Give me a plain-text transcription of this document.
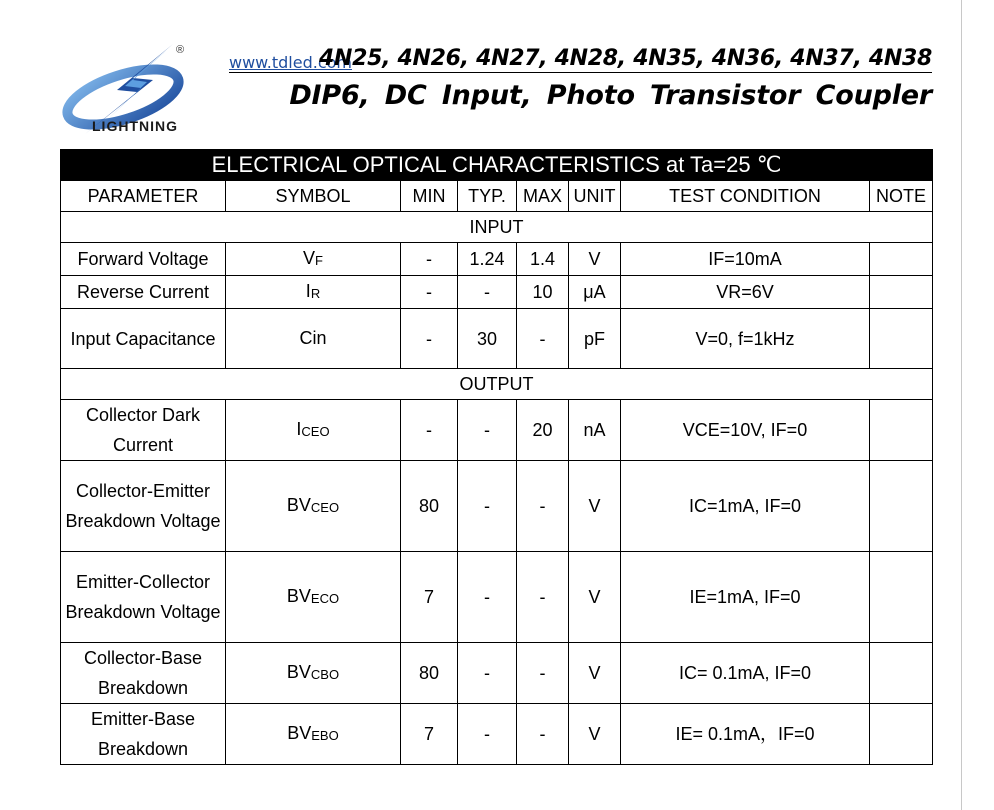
®
LIGHTNING
www.tdled.com
4N25, 4N26, 4N27, 4N28, 4N35, 4N36, 4N37, 4N38
DIP6, DC Input, Photo Transistor Coupler
ELECTRICAL OPTICAL CHARACTERISTICS at Ta=25 ℃							
PARAMETER	SYMBOL	MIN	TYP.	MAX	UNIT	TEST CONDITION	NOTE
INPUT							
Forward Voltage	$V_F$	-	1.24	1.4	V	IF=10mA	
Reverse Current	$I_R$	-	-	10	μA	VR=6V	
Input Capacitance	Cin	-	30	-	pF	V=0, f=1kHz	
OUTPUT							
Collector Dark Current	$I_{CEO}$	-	-	20	nA	VCE=10V, IF=0	
Collector-Emitter Breakdown Voltage	$BV_{CEO}$	80	-	-	V	IC=1mA, IF=0	
Emitter-Collector Breakdown Voltage	$BV_{ECO}$	7	-	-	V	IE=1mA, IF=0	
Collector-Base Breakdown	$BV_{CBO}$	80	-	-	V	IC= 0.1mA, IF=0	
Emitter-Base Breakdown	$BV_{EBO}$	7	-	-	V	IE= 0.1mA，IF=0	
